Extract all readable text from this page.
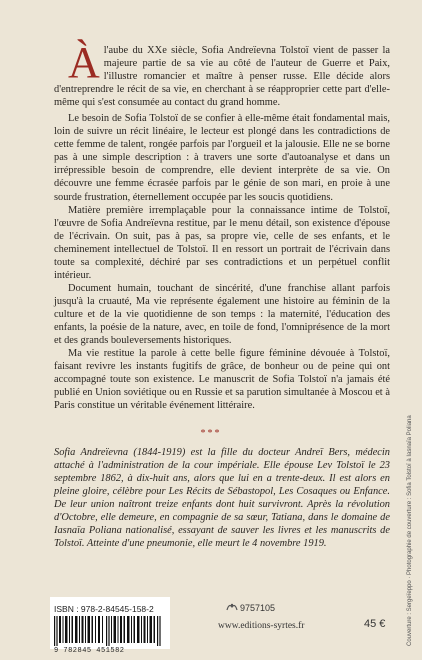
Àl'aube du XXe siècle, Sofia Andreïevna Tolstoï vient de passer la majeure partie de sa vie au côté de l'auteur de Guerre et Paix, l'illustre romancier et maître à penser russe. Elle décide alors d'entreprendre le récit de sa vie, en cherchant à se réapproprier cette part d'elle-même qui s'est consumée au contact du grand homme.

Le besoin de Sofia Tolstoï de se confier à elle-même était fondamental mais, loin de suivre un récit linéaire, le lecteur est plongé dans les contradictions de cette femme de talent, rongée parfois par l'orgueil et la jalousie. Elle ne se borne pas à une simple description : à travers une sorte d'autoanalyse et dans un irrépressible besoin de comprendre, elle devient interprète de sa vie. On découvre une femme écrasée parfois par le génie de son mari, en proie à une sourde frustration, éternellement occupée par les soucis quotidiens.

Matière première irremplaçable pour la connaissance intime de Tolstoï, l'œuvre de Sofia Andreïevna restitue, par le menu détail, son existence d'épouse de l'écrivain. On suit, pas à pas, sa propre vie, celle de ses enfants, et le cheminement intellectuel de Tolstoï. Il en ressort un portrait de l'écrivain dans toute sa complexité, déchiré par ses contradictions et un perpétuel conflit intérieur.

Document humain, touchant de sincérité, d'une franchise allant parfois jusqu'à la cruauté, Ma vie représente également une histoire au féminin de la culture et de la vie quotidienne de son temps : la maternité, l'éducation des enfants, la poésie de la nature, avec, en toile de fond, l'omniprésence de la mort et des grands bouleversements historiques.

Ma vie restitue la parole à cette belle figure féminine dévouée à Tolstoï, faisant revivre les instants fugitifs de grâce, de bonheur ou de peine qui ont accompagné toute son existence. Le manuscrit de Sofia Tolstoï n'a jamais été publié en Union soviétique ou en Russie et sa parution simultanée à Moscou et à Paris constitue un véritable événement littéraire.

***
Sofia Andreïevna (1844-1919) est la fille du docteur Andreï Bers, médecin attaché à l'administration de la cour impériale. Elle épouse Lev Tolstoï le 23 septembre 1862, à dix-huit ans, alors que lui en a trente-deux. Il est alors en pleine gloire, célèbre pour Les Récits de Sébastopol, Les Cosaques ou Enfance. De leur union naîtront treize enfants dont huit survivront. Après la révolution d'Octobre, elle demeure, en compagnie de sa sœur, Tatiana, dans le domaine de Iasnaïa Poliana nationalisé, essayant de sauver les livres et les manuscrits de Tolstoï. Atteinte d'une pneumonie, elle meurt le 4 novembre 1919.
ISBN : 978-2-84545-158-2
9 782845 451582
9757105
www.editions-syrtes.fr	45 €	Couverture : Sergeïeppo · Photographie de couverture : Sofia Tolstoï à Iasnaïa Poliana
